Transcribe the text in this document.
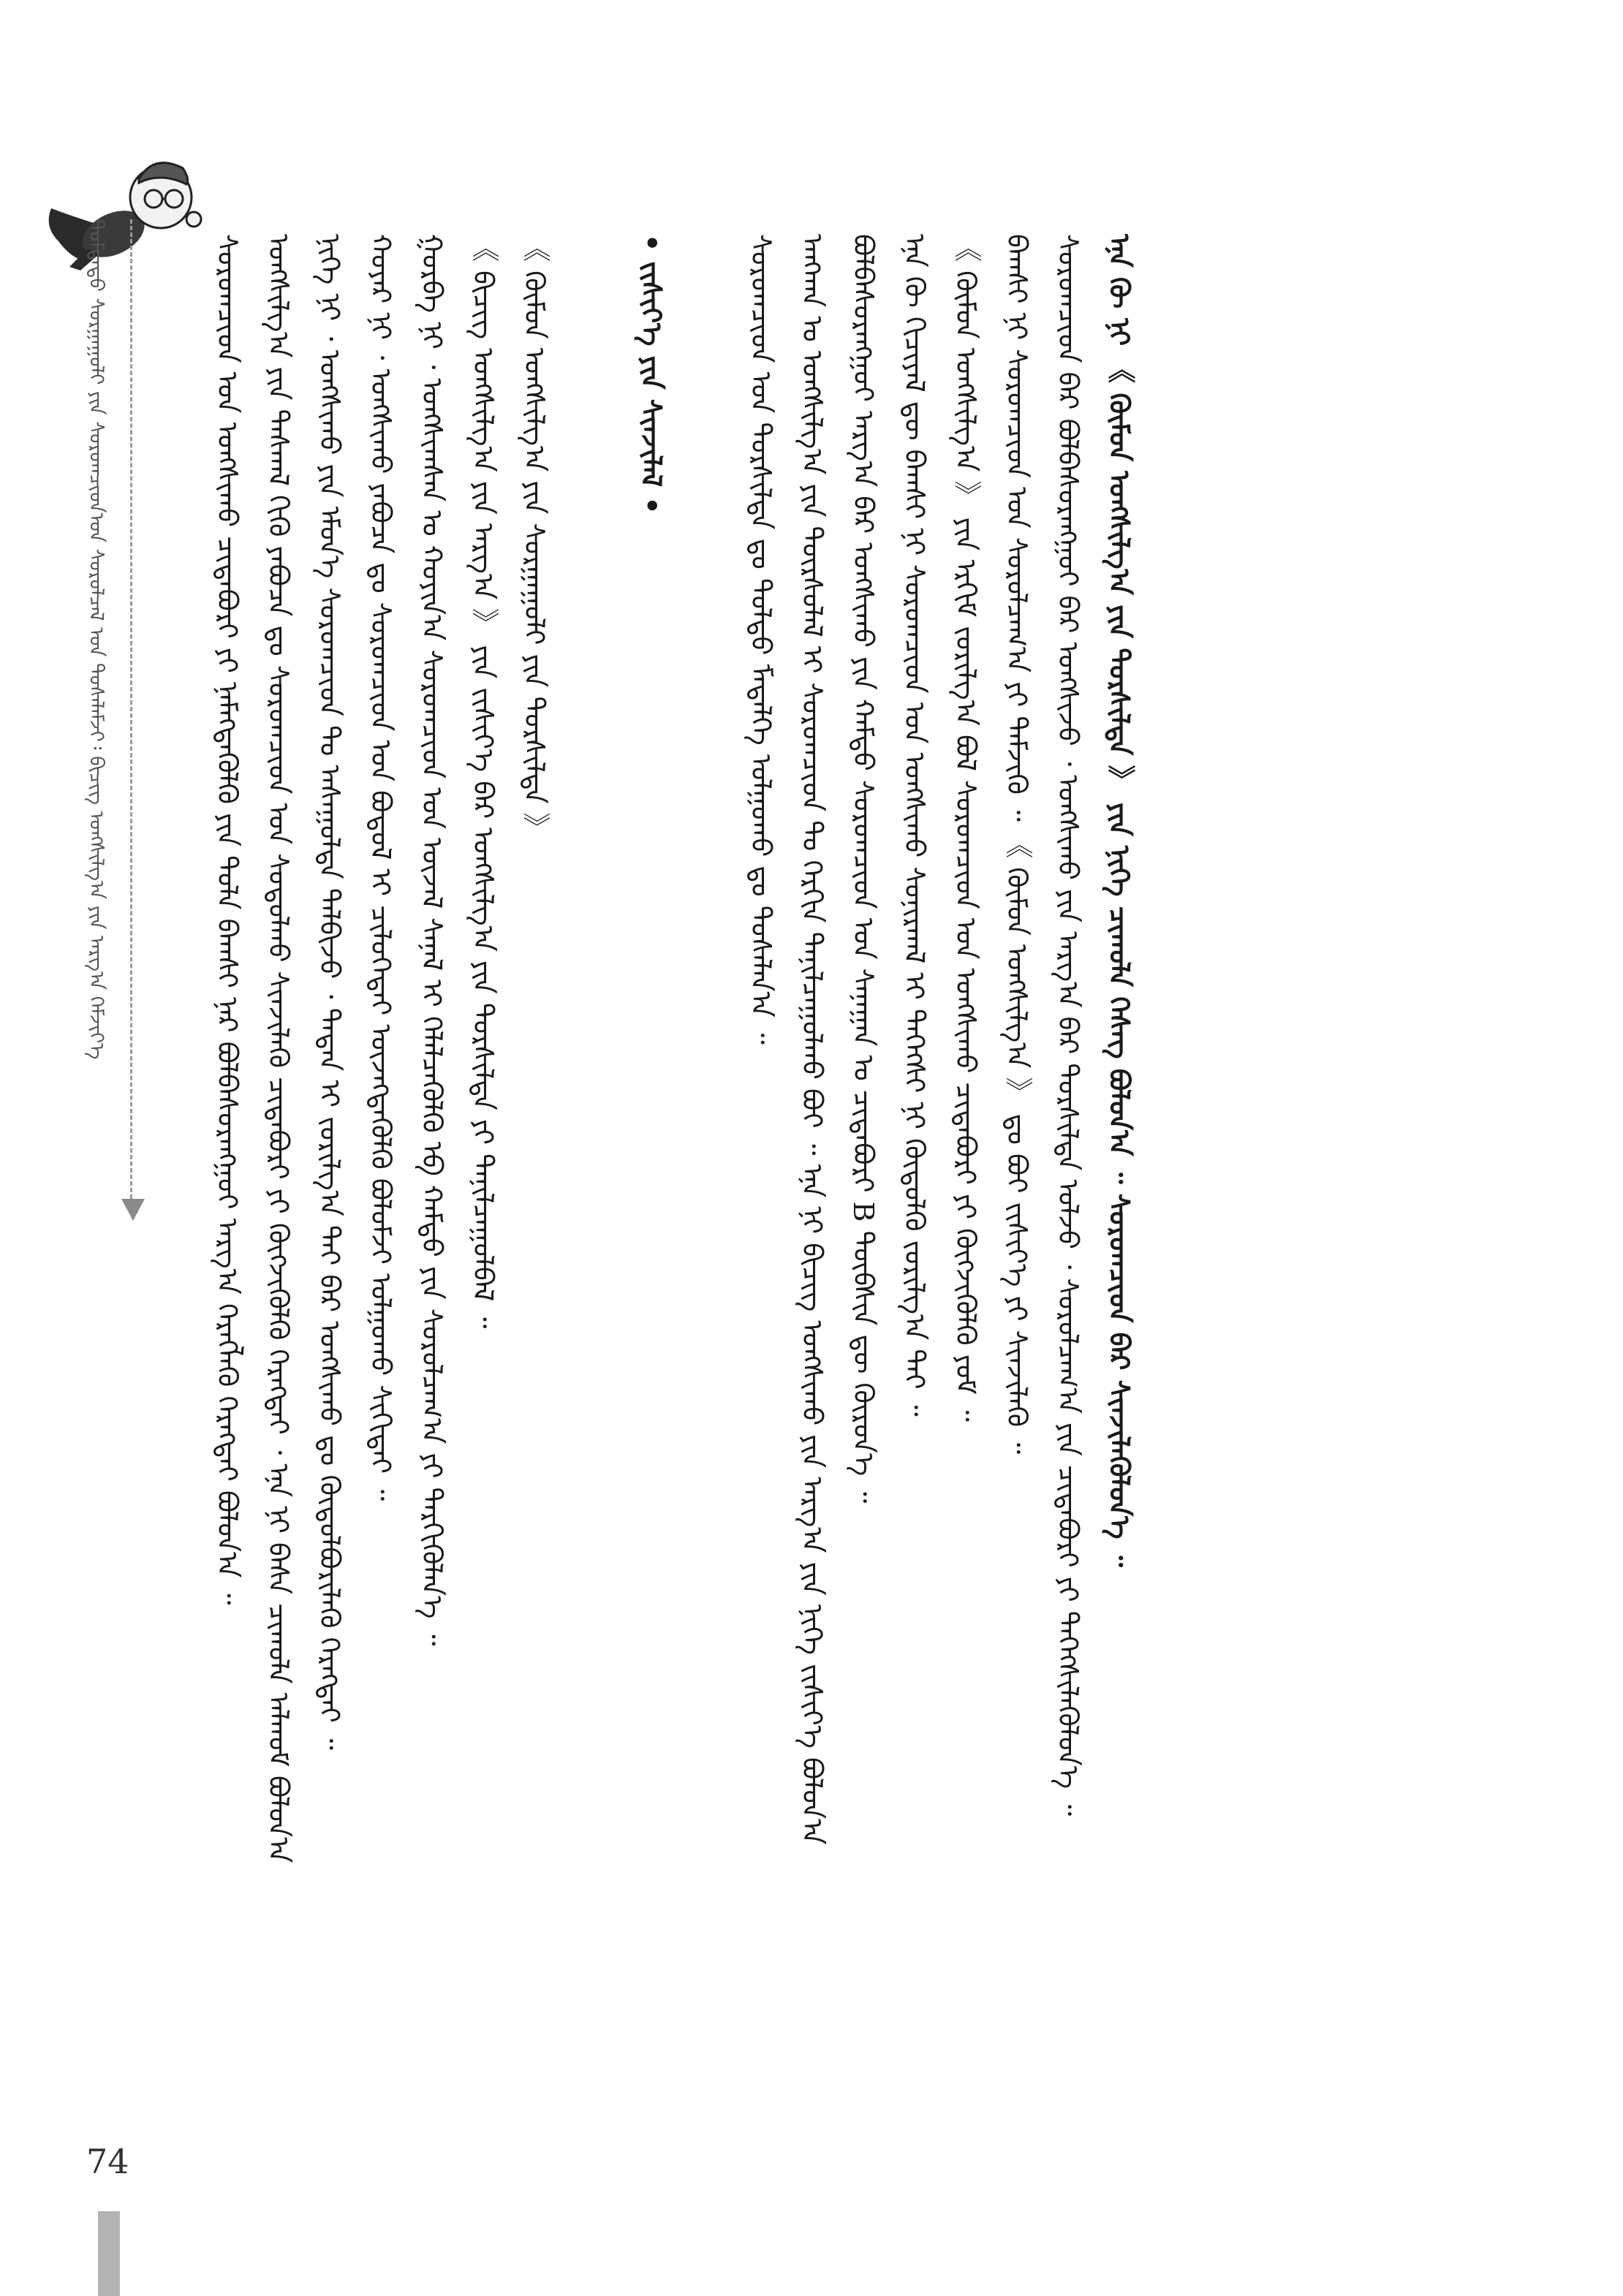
ᠳᠤᠮᠳᠠᠳᠤ ᠰᠤᠷᠭᠠᠭᠤᠯᠢ ᠶᠢᠨ ᠰᠤᠷᠤᠭᠴᠢᠳ᠎ᠤᠨ ᠰᠤᠷᠤᠯᠴᠠᠯ ᠤᠨ ᠲᠤᠰᠠᠯᠠᠮᠵᠢ᠄ ᠪᠢᠴᠢᠭ ᠤᠩᠰᠢᠯᠭ᠎ᠠ ᠶᠢᠨ ᠠᠷᠭ᠎ᠠ ᠬᠡᠮᠵᠢᠶ᠎ᠡ	ᠰᠤᠷᠤᠭᠴᠢᠳ ᠤᠨ ᠤᠩᠰᠢᠬᠤ ᠴᠢᠳᠠᠪᠤᠷᠢ ᠶᠢ ᠨᠡᠮᠡᠭᠳᠡᠭᠦᠯᠬᠦ ᠶᠢᠨ ᠲᠤᠯᠠ ᠪᠠᠭᠰᠢ ᠨᠠᠷ ᠪᠤᠯᠪᠠᠰᠤᠷᠠᠩᠭᠤᠢ ᠠᠷᠭ᠎ᠠ ᠬᠡᠷᠡᠭᠯᠡᠬᠦ ᠬᠡᠷᠡᠭᠲᠡᠢ ᠪᠣᠯᠤᠨ᠎ᠠ ᠃ ᠤᠩᠰᠢᠯᠭ᠎ᠠ ᠶᠢᠨ ᠳᠠᠰᠬᠠᠯ ᠬᠢᠬᠦ ᠶᠠᠪᠤᠴᠠ ᠳᠤ ᠰᠤᠷᠤᠭᠴᠢᠳ ᠤᠨ ᠰᠤᠳᠤᠯᠬᠤ ᠰᠢᠨᠵᠢᠯᠡᠬᠦ ᠴᠢᠳᠠᠪᠤᠷᠢ ᠶᠢ ᠬᠥᠭᠵᠢᠭᠦᠯᠬᠦ ᠬᠡᠷᠡᠭᠲᠡᠢ ᠂ ᠡᠨᠡ ᠨᠢ ᠪᠠᠰᠠ ᠴᠢᠬᠤᠯᠠ ᠠᠯᠬᠤᠮ ᠪᠣᠯᠤᠨ᠎ᠠ ᠨᠢᠭᠡ ᠨᠢ ᠂ ᠤᠩᠰᠢᠬᠤ ᠶᠢᠨ ᠡᠮᠦᠨ᠎ᠡ ᠰᠤᠷᠤᠭᠴᠢᠳ ᠲᠤ ᠠᠰᠠᠭᠤᠯᠲᠠ ᠲᠠᠯᠪᠢᠵᠤ ᠂ ᠲᠡᠳᠡᠨ ᠢ ᠵᠣᠷᠢᠯᠭ᠎ᠠ ᠲᠠᠢ ᠪᠡᠷ ᠤᠩᠰᠢᠬᠤ ᠳᠤ ᠬᠥᠲᠦᠯᠪᠦᠷᠢᠯᠡᠬᠦ ᠬᠡᠷᠡᠭᠲᠡᠢ ᠃ ᠬᠣᠶᠠᠷ ᠨᠢ ᠂ ᠤᠩᠰᠢᠬᠤ ᠶᠠᠪᠤᠴᠠ ᠳᠤ ᠰᠤᠷᠤᠭᠴᠢᠳ ᠤᠨ ᠪᠤᠳᠤᠯ ᠢ ᠴᠢᠯᠦᠭᠡᠲᠡᠢ ᠦᠵᠡᠭᠳᠡᠭᠦᠯᠬᠦ ᠪᠣᠯᠤᠮᠵᠢ ᠣᠯᠭᠣᠬᠤ ᠰᠢᠬᠢᠳᠡᠢ ᠃ ᠭᠤᠷᠪᠠ ᠨᠢ ᠂ ᠤᠩᠰᠢᠭᠰᠠᠨ ᠤ ᠬᠣᠶᠢᠨ᠎ᠠ ᠰᠤᠷᠤᠭᠴᠢᠳ ᠤᠨ ᠦᠵᠡᠯ ᠰᠠᠨᠠᠯ ᠢ ᠬᠡᠯᠡᠯᠴᠡᠭᠦᠯᠬᠦ ᠡᠪ ᠬᠠᠮᠲᠤ ᠶᠢᠨ ᠰᠤᠷᠤᠯᠴᠠᠭ᠎ᠠ ᠶᠢ ᠲᠡᠷᠭᠢᠭᠦᠯᠡᠨ᠎ᠡ ᠃ 《 ᠪᠢᠴᠢᠭ ᠤᠩᠰᠢᠯᠭ᠎ᠠ ᠶᠢᠨ ᠠᠷᠭ᠎ᠠ 》 ᠶᠢᠨ ᠵᠢᠱᠢᠶ᠎ᠡ ᠪᠡᠷ ᠤᠩᠰᠢᠯᠭ᠎ᠠ ᠶᠢᠨ ᠲᠤᠷᠰᠢᠯᠲᠠ ᠶᠢ ᠲᠠᠨᠢᠯᠴᠠᠭᠤᠯᠪᠠᠯ ᠃ 《 ᠬᠦᠮᠦᠨ ᠤᠩᠰᠢᠯᠭ᠎ᠠ ᠶᠢᠨ ᠰᠤᠷᠭᠠᠭᠤᠯᠢ ᠶᠢᠨ ᠲᠤᠷᠰᠢᠯᠲᠠ 》	• ᠵᠢᠱᠢᠶ᠎ᠡ ᠶᠢᠨ ᠰᠢᠨᠵᠢᠯᠡᠯ •	ᠰᠤᠷᠤᠭᠴᠢᠳ ᠤᠨ ᠲᠤᠷᠰᠢᠯᠲᠠ ᠳᠤ ᠳᠤᠯᠳᠤ ᠮᠡᠳᠡᠯᠭᠡ ᠣᠯᠭᠣᠬᠤ ᠳᠤ ᠲᠤᠰᠠᠯᠠᠨ᠎ᠠ ᠃ ᠠᠩᠬᠠᠨ ᠤ ᠤᠩᠰᠢᠯᠭ᠎ᠠ ᠶᠢᠨ ᠳᠦᠷᠰᠦᠯᠡᠯ ᠢ ᠰᠤᠷᠤᠭᠴᠢᠳ ᠲᠤ ᠬᠡᠷᠬᠢᠨ ᠲᠠᠨᠢᠯᠴᠠᠭᠤᠯᠬᠤ ᠪᠤᠢ ᠃ ᠡᠨᠡ ᠨᠢ ᠪᠢᠴᠢᠭ ᠤᠩᠰᠢᠬᠤ ᠶᠢᠨ ᠠᠷᠭ᠎ᠠ ᠶᠢᠨ ᠨᠢᠭᠡ ᠵᠢᠱᠢᠶ᠎ᠡ ᠪᠣᠯᠤᠨ᠎ᠠ ᠪᠣᠯᠪᠠᠰᠤᠷᠠᠩᠭᠤᠢ ᠠᠷᠭ᠎ᠠ ᠪᠡᠷ ᠤᠩᠰᠢᠬᠤ ᠶᠢᠨ ᠬᠠᠮᠲᠤ ᠰᠤᠷᠤᠭᠴᠢᠳ ᠤᠨ ᠰᠠᠨᠠᠭᠠᠨ ᠤ ᠴᠢᠳᠠᠪᠤᠷᠢ B ᠳᠦᠪᠰᠢᠨ ᠳᠦ ᠭᠦᠷᠦᠨ᠎ᠡ ᠃ ᠡᠨᠡ ᠬᠦ ᠬᠢᠴᠢᠶᠡᠯ ᠳᠦ ᠪᠠᠭᠰᠢ ᠨᠢ ᠰᠤᠷᠤᠭᠴᠢᠳ ᠤᠨ ᠤᠩᠰᠢᠬᠤ ᠰᠤᠨᠢᠷᠬᠠᠯ ᠢ ᠳᠡᠭᠡᠭᠰᠢ ᠨᠢ ᠬᠥᠲᠦᠯᠬᠦ ᠵᠣᠷᠢᠯᠭ᠎ᠠ ᠲᠠᠢ ᠃ 《 ᠬᠦᠮᠦᠨ ᠤᠩᠰᠢᠯᠭ᠎ᠠ 》 ᠶᠢᠨ ᠡᠷᠬᠢᠮ ᠵᠣᠷᠢᠯᠭ᠎ᠠ ᠪᠣᠯ ᠰᠤᠷᠤᠭᠴᠢᠳ ᠤᠨ ᠤᠩᠰᠢᠬᠤ ᠴᠢᠳᠠᠪᠤᠷᠢ ᠶᠢ ᠬᠥᠭᠵᠢᠭᠦᠯᠬᠦ ᠶᠤᠮ ᠃ ᠪᠠᠭᠰᠢ ᠨᠢ ᠰᠤᠷᠤᠭᠴᠢᠳ ᠤᠨ ᠰᠤᠷᠤᠯᠴᠠᠭ᠎ᠠ ᠶᠢ ᠳᠡᠮᠵᠢᠬᠦ ᠃ 《 ᠬᠦᠮᠦᠨ ᠤᠩᠰᠢᠯᠭ᠎ᠠ 》 ᠳᠤ ᠪᠤᠢ ᠵᠢᠱᠢᠶ᠎ᠡ ᠶᠢ ᠰᠢᠨᠵᠢᠯᠡᠬᠦ ᠃ ᠰᠤᠷᠤᠭᠴᠢᠳ ᠪᠡᠷ ᠪᠤᠯᠪᠠᠰᠤᠷᠠᠩᠭᠤᠢ ᠪᠠᠷ ᠤᠩᠰᠢᠵᠤ ᠂ ᠤᠩᠰᠢᠬᠤ ᠶᠢᠨ ᠠᠷᠭ᠎ᠠ ᠪᠠᠷ ᠲᠤᠷᠰᠢᠯᠲᠠ ᠣᠯᠵᠤ ᠂ ᠰᠤᠷᠤᠯᠴᠠᠭ᠎ᠠ ᠶᠢᠨ ᠴᠢᠳᠠᠪᠤᠷᠢ ᠶᠢ ᠳᠡᠭᠡᠭᠰᠢᠯᠡᠭᠦᠯᠦᠨ᠎ᠡ ᠃ ᠡᠨᠡ ᠬᠦ ᠨᠢ 《 ᠬᠦᠮᠦᠨ ᠤᠩᠰᠢᠯᠭ᠎ᠠ ᠶᠢᠨ ᠲᠤᠷᠰᠢᠯᠲᠠ 》 ᠶᠢᠨ ᠨᠢᠭᠡ ᠴᠢᠬᠤᠯᠠ ᠬᠡᠰᠡᠭ ᠪᠣᠯᠤᠨ᠎ᠠ ᠃ ᠰᠤᠷᠤᠭᠴᠢᠳ ᠪᠠᠷ ᠰᠢᠨᠵᠢᠯᠡᠭᠦᠯᠦᠨ᠎ᠡ ᠃
74
